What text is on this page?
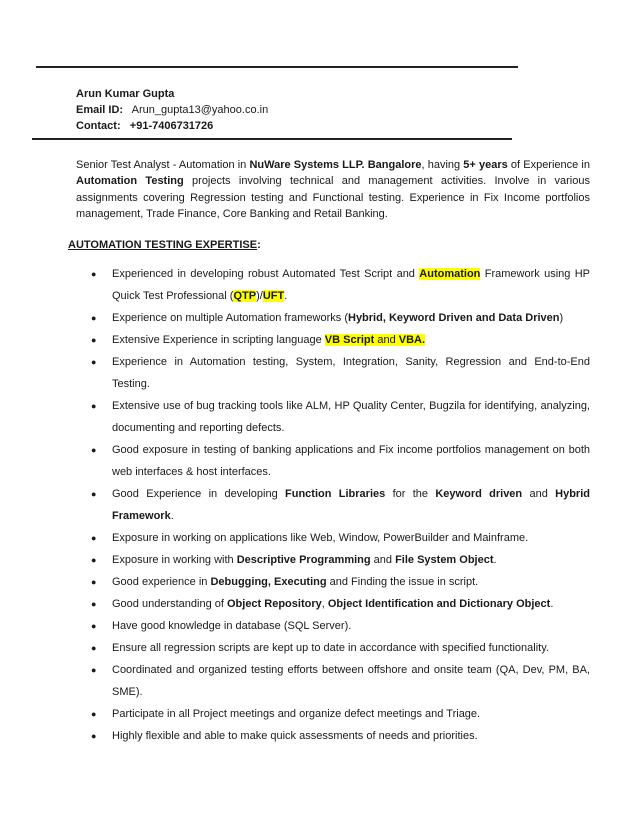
Arun Kumar Gupta
Email ID: Arun_gupta13@yahoo.co.in
Contact: +91-7406731726
Senior Test Analyst - Automation in NuWare Systems LLP. Bangalore, having 5+ years of Experience in Automation Testing projects involving technical and management activities. Involve in various assignments covering Regression testing and Functional testing. Experience in Fix Income portfolios management, Trade Finance, Core Banking and Retail Banking.
AUTOMATION TESTING EXPERTISE:
● Experienced in developing robust Automated Test Script and Automation Framework using HP Quick Test Professional (QTP)/UFT.
● Experience on multiple Automation frameworks (Hybrid, Keyword Driven and Data Driven)
● Extensive Experience in scripting language VB Script and VBA.
● Experience in Automation testing, System, Integration, Sanity, Regression and End-to-End Testing.
● Extensive use of bug tracking tools like ALM, HP Quality Center, Bugzila for identifying, analyzing, documenting and reporting defects.
● Good exposure in testing of banking applications and Fix income portfolios management on both web interfaces & host interfaces.
● Good Experience in developing Function Libraries for the Keyword driven and Hybrid Framework.
● Exposure in working on applications like Web, Window, PowerBuilder and Mainframe.
● Exposure in working with Descriptive Programming and File System Object.
● Good experience in Debugging, Executing and Finding the issue in script.
● Good understanding of Object Repository, Object Identification and Dictionary Object.
● Have good knowledge in database (SQL Server).
● Ensure all regression scripts are kept up to date in accordance with specified functionality.
● Coordinated and organized testing efforts between offshore and onsite team (QA, Dev, PM, BA, SME).
● Participate in all Project meetings and organize defect meetings and Triage.
● Highly flexible and able to make quick assessments of needs and priorities.
